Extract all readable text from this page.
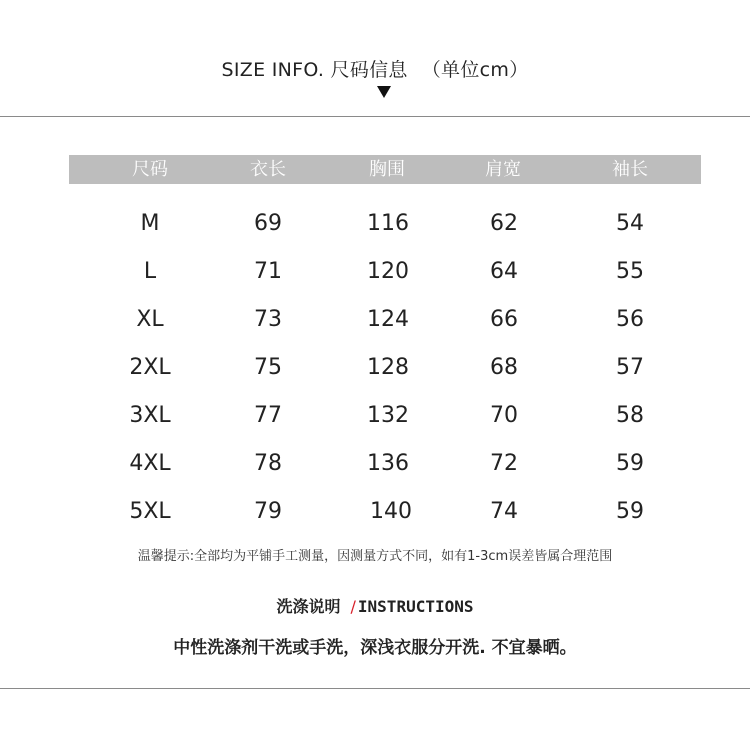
SIZE INFO. 尺码信息 （单位cm）
尺码	衣长	胸围	肩宽	袖长
M	69	116	62	54
L	71	120	64	55
XL	73	124	66	56
2XL	75	128	68	57
3XL	77	132	70	58
4XL	78	136	72	59
5XL	79	140	74	59
温馨提示:全部均为平铺手工测量，因测量方式不同，如有1-3cm误差皆属合理范围
洗涤说明 / INSTRUCTIONS
中性洗涤剂干洗或手洗，深浅衣服分开洗. 不宜暴晒。
